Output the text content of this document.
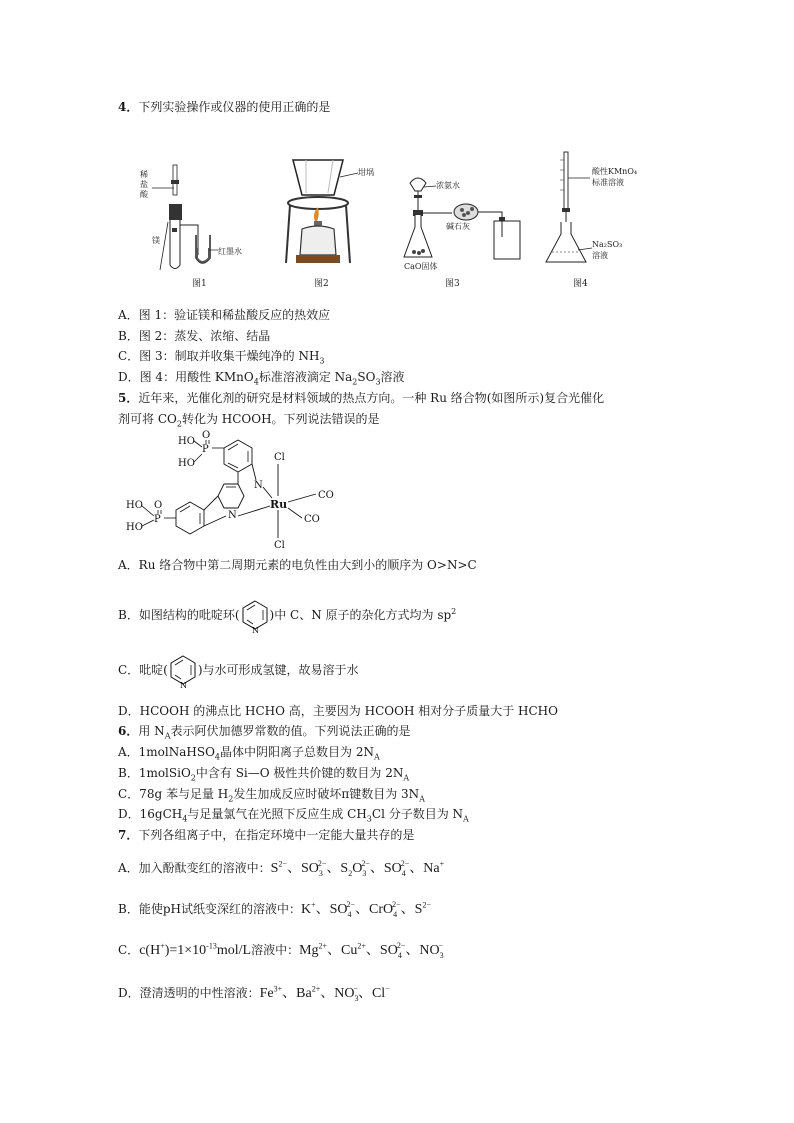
4．下列实验操作或仪器的使用正确的是
稀
盐
酸
镁
红墨水
图1
坩埚
图2
浓氨水
CaO固体
碱石灰
图3
酸性KMnO₄
标准溶液
Na₂SO₃
溶液
图4
A．图 1：验证镁和稀盐酸反应的热效应
B．图 2：蒸发、浓缩、结晶
C．图 3：制取并收集干燥纯净的 $NH_3$
D．图 4：用酸性 KMnO$_4$标准溶液滴定 $Na_2SO_3$溶液
5．近年来，光催化剂的研究是材料领域的热点方向。一种 Ru 络合物(如图所示)复合光催化
剂可将 $CO_2$转化为 HCOOH。下列说法错误的是
HO
HO
P
O
N
N
Ru
Cl
Cl
CO
CO
P
O
HO
HO
A．Ru 络合物中第二周期元素的电负性由大到小的顺序为 O>N>C
B．如图结构的吡啶环(
N
)中 C、N 原子的杂化方式均为 $sp^2$
C．吡啶(
N
)与水可形成氢键，故易溶于水
D．HCOOH 的沸点比 HCHO 高，主要因为 HCOOH 相对分子质量大于 HCHO
6．用 $N_A$表示阿伏加德罗常数的值。下列说法正确的是
A．1molNaHSO$_4$晶体中阴阳离子总数目为 $2N_A$
B．1molSiO$_2$中含有 Si—O 极性共价键的数目为 $2N_A$
C．78g 苯与足量 $H_2$发生加成反应时破坏π键数目为 $3N_A$
D．16gCH$_4$与足量氯气在光照下反应生成 $CH_3Cl$ 分子数目为 $N_A$
7．下列各组离子中，在指定环境中一定能大量共存的是
A．加入酚酞变红的溶液中：$S^{2-}$、$SO_3^{2-}$、$S_2O_3^{2-}$、$SO_4^{2-}$、Na+
B．能使pH试纸变深红的溶液中：K+、$SO_4^{2-}$、CrO$_4^{2-}$、$S^{2-}$
C．$c(H^+)=1\times 10^{-13}mol/L$溶液中：$Mg^{2+}$、$Cu^{2+}$、$SO_4^{2-}$、$NO_3^-$
D．澄清透明的中性溶液：$Fe^{3+}$、$Ba^{2+}$、$NO_3^-$、Cl−
